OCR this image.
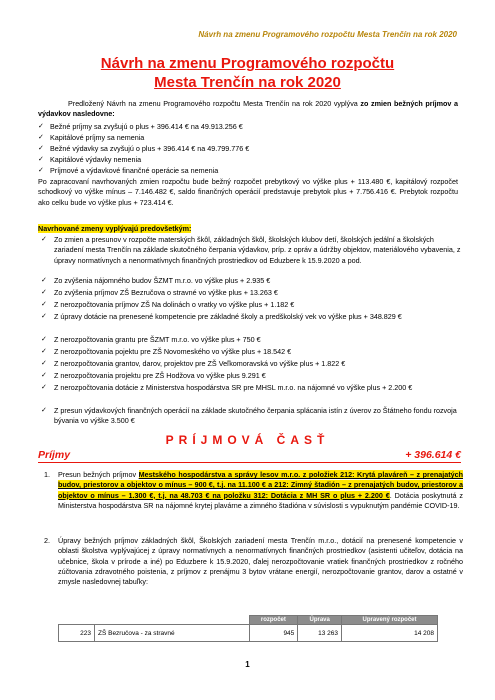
Návrh na zmenu Programového rozpočtu Mesta Trenčín na rok 2020
Návrh na zmenu Programového rozpočtu
Mesta Trenčín na rok 2020
Predložený Návrh na zmenu Programového rozpočtu Mesta Trenčín na rok 2020 vyplýva zo zmien bežných príjmov a výdavkov nasledovne:
✓ Bežné príjmy sa zvyšujú o plus + 396.414 € na 49.913.256 €
✓ Kapitálové príjmy sa nemenia
✓ Bežné výdavky sa zvyšujú o plus + 396.414 € na 49.799.776 €
✓ Kapitálové výdavky nemenia
✓ Príjmové a výdavkové finančné operácie sa nemenia
Po zapracovaní navrhovaných zmien rozpočtu bude bežný rozpočet prebytkový vo výške plus + 113.480 €, kapitálový rozpočet schodkový vo výške mínus – 7.146.482 €, saldo finančných operácií predstavuje prebytok plus + 7.756.416 €. Prebytok rozpočtu ako celku bude vo výške plus + 723.414 €.
Navrhované zmeny vyplývajú predovšetkým:
✓ Zo zmien a presunov v rozpočte materských škôl, základných škôl, školských klubov detí, školských jedální a školských zariadení mesta Trenčín na základe skutočného čerpania výdavkov, príp. z opráv a údržby objektov, materiálového vybavenia, z úpravy normatívnych a nenormatívnych finančných prostriedkov od Eduzbere k 15.9.2020 a pod.
✓ Zo zvýšenia nájomného budov ŠZMT m.r.o. vo výške plus + 2.935 €
✓ Zo zvýšenia príjmov ZŠ Bezručova o stravné vo výške plus + 13.263 €
✓ Z nerozpočtovania príjmov ZŠ Na dolinách o vratky vo výške plus + 1.182 €
✓ Z úpravy dotácie na prenesené kompetencie pre základné školy a predškolský vek vo výške plus + 348.829 €
✓ Z nerozpočtovania grantu pre ŠZMT m.r.o. vo výške plus + 750 €
✓ Z nerozpočtovania pojektu pre ZŠ Novomeského vo výške plus + 18.542 €
✓ Z nerozpočtovania grantov, darov, projektov pre ZŠ Veľkomoravská vo výške plus + 1.822 €
✓ Z nerozpočtovania projektu pre ZŠ Hodžova vo výške plus 9.291 €
✓ Z nerozpočtovania dotácie z Ministerstva hospodárstva SR pre MHSL m.r.o. na nájomné vo výške plus + 2.200 €
✓ Z presun výdavkových finančných operácií na základe skutočného čerpania splácania istín z úverov zo Štátneho fondu rozvoja bývania vo výške 3.500 €
PRÍJMOVÁ ČASŤ
Príjmy	+ 396.614 €
1. Presun bežných príjmov Mestského hospodárstva a správy lesov m.r.o. z položiek 212: Krytá plaváreň – z prenajatých budov, priestorov a objektov o mínus – 900 €, t.j. na 11.100 € a 212: Zimný štadión – z prenajatých budov, priestorov a objektov o mínus – 1.300 €, t.j. na 48.703 € na položku 312: Dotácia z MH SR o plus + 2.200 €. Dotácia poskytnutá z Ministerstva hospodárstva SR na nájomné krytej plavárne a zimného štadióna v súvislosti s vypuknutým pandémie COVID-19.
2. Úpravy bežných príjmov základných škôl, Školských zariadení mesta Trenčín m.r.o., dotácií na prenesené kompetencie v oblasti školstva vyplývajúcej z úpravy normatívnych a nenormatívnych finančných prostriedkov (asistenti učiteľov, dotácia na učebnice, škola v prírode a iné) po Eduzbere k 15.9.2020, ďalej nerozpočtovanie vratiek finančných prostriedkov z ročného zúčtovania zdravotného poistenia, z príjmov z prenájmu 3 bytov vrátane energií, nerozpočtovanie grantov, darov a ostatné v zmysle nasledovnej tabuľky:
		rozpočet	Úprava	Upravený rozpočet
223	ZŠ Bezručova - za stravné	945	13 263	14 208
1
